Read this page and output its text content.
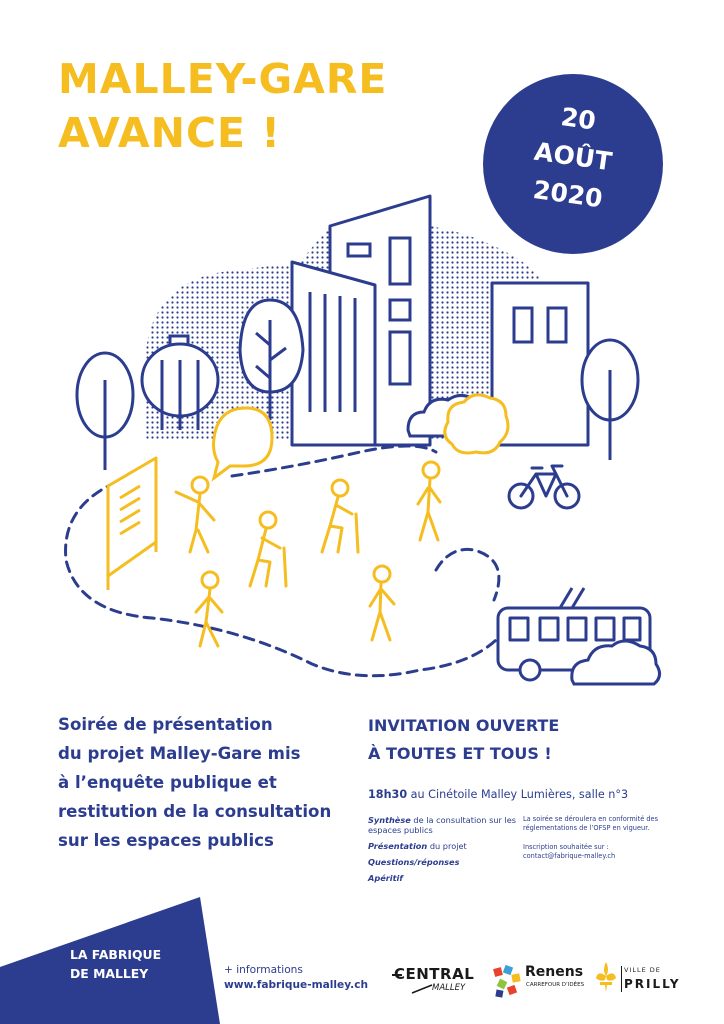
MALLEY-GARE
AVANCE !	20
AOÛT
2020
Soirée de présentation
du projet Malley-Gare mis
à l’enquête publique et
restitution de la consultation
sur les espaces publics
INVITATION OUVERTE
À TOUTES ET TOUS !
18h30 au Cinétoile Malley Lumières, salle n°3
Synthèse de la consultation sur les espaces publics
Présentation du projet
Questions/réponses
Apéritif

La soirée se déroulera en conformité des réglementations de l’OFSP en vigueur.

Inscription souhaitée sur :
contact@fabrique-malley.ch

LA FABRIQUE
DE MALLEY	+ informations
www.fabrique-malley.ch
CENTRAL
MALLEY
Renens
CARREFOUR D’IDÉES
VILLE DE
PRILLY
